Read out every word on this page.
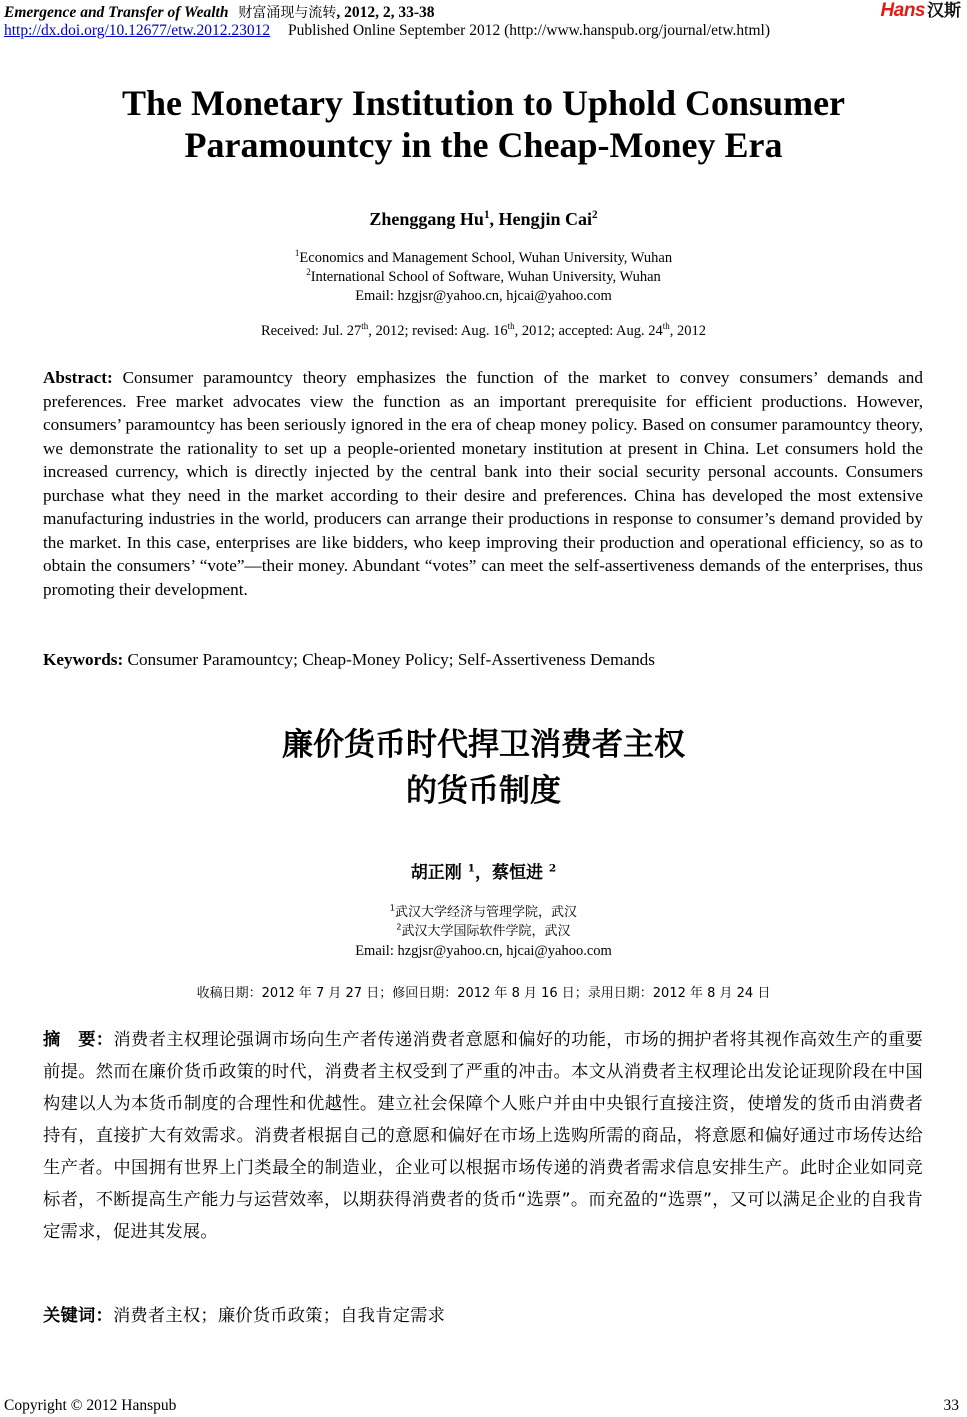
Emergence and Transfer of Wealth 财富涌现与流转, 2012, 2, 33-38
http://dx.doi.org/10.12677/etw.2012.23012 Published Online September 2012 (http://www.hanspub.org/journal/etw.html)
Hans 汉斯
The Monetary Institution to Uphold Consumer
Paramountcy in the Cheap-Money Era
Zhenggang Hu$^1$, Hengjin Cai$^2$
$^1$Economics and Management School, Wuhan University, Wuhan
$^2$International School of Software, Wuhan University, Wuhan
Email: hzgjsr@yahoo.cn, hjcai@yahoo.com
Received: Jul. 27th, 2012; revised: Aug. 16th, 2012; accepted: Aug. 24th, 2012
Abstract: Consumer paramountcy theory emphasizes the function of the market to convey consumers’ demands and preferences. Free market advocates view the function as an important prerequisite for efficient productions. However, consumers’ paramountcy has been seriously ignored in the era of cheap money policy. Based on consumer paramountcy theory, we demonstrate the rationality to set up a people-oriented monetary institution at present in China. Let consumers hold the increased currency, which is directly injected by the central bank into their social security personal accounts. Consumers purchase what they need in the market according to their desire and preferences. China has developed the most extensive manufacturing industries in the world, producers can arrange their productions in response to consumer’s demand provided by the market. In this case, enterprises are like bidders, who keep improving their production and operational efficiency, so as to obtain the consumers’ “vote”—their money. Abundant “votes” can meet the self-assertiveness demands of the enterprises, thus promoting their development.
Keywords: Consumer Paramountcy; Cheap-Money Policy; Self-Assertiveness Demands
廉价货币时代捍卫消费者主权
的货币制度
胡正刚 $^1$，蔡恒进 $^2$
$^1$武汉大学经济与管理学院，武汉
$^2$武汉大学国际软件学院，武汉
Email: hzgjsr@yahoo.cn, hjcai@yahoo.com
收稿日期：2012 年 7 月 27 日；修回日期：2012 年 8 月 16 日；录用日期：2012 年 8 月 24 日
摘　要：消费者主权理论强调市场向生产者传递消费者意愿和偏好的功能，市场的拥护者将其视作高效生产的重要前提。然而在廉价货币政策的时代，消费者主权受到了严重的冲击。本文从消费者主权理论出发论证现阶段在中国构建以人为本货币制度的合理性和优越性。建立社会保障个人账户并由中央银行直接注资，使增发的货币由消费者持有，直接扩大有效需求。消费者根据自己的意愿和偏好在市场上选购所需的商品，将意愿和偏好通过市场传达给生产者。中国拥有世界上门类最全的制造业，企业可以根据市场传递的消费者需求信息安排生产。此时企业如同竞标者，不断提高生产能力与运营效率，以期获得消费者的货币“选票”。而充盈的“选票”，又可以满足企业的自我肯定需求，促进其发展。
关键词：消费者主权；廉价货币政策；自我肯定需求
Copyright © 2012 Hanspub	33
